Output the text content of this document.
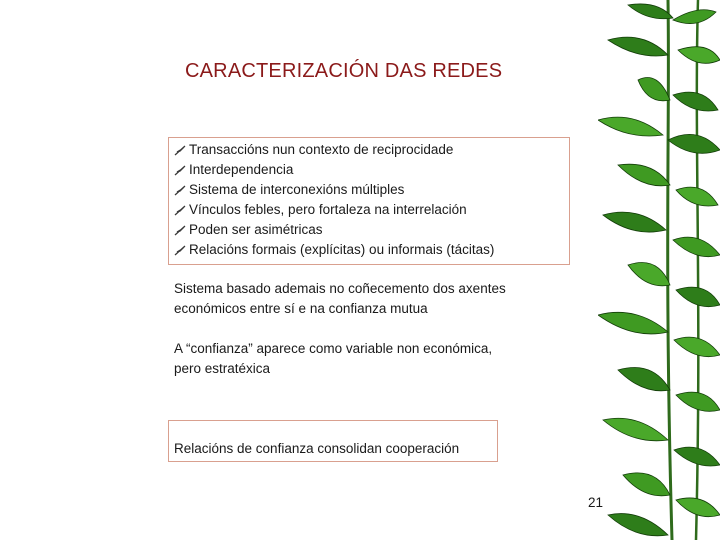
CARACTERIZACIÓN DAS REDES
Transaccións nun contexto de reciprocidade
Interdependencia
Sistema de interconexións múltiples
Vínculos febles, pero fortaleza na interrelación
Poden ser asimétricas
Relacións formais (explícitas) ou informais (tácitas)
Sistema basado ademais no coñecemento dos axentes
económicos entre sí e na confianza mutua
A “confianza” aparece como variable non económica,
pero estratéxica
Relacións de confianza consolidan cooperación
21
